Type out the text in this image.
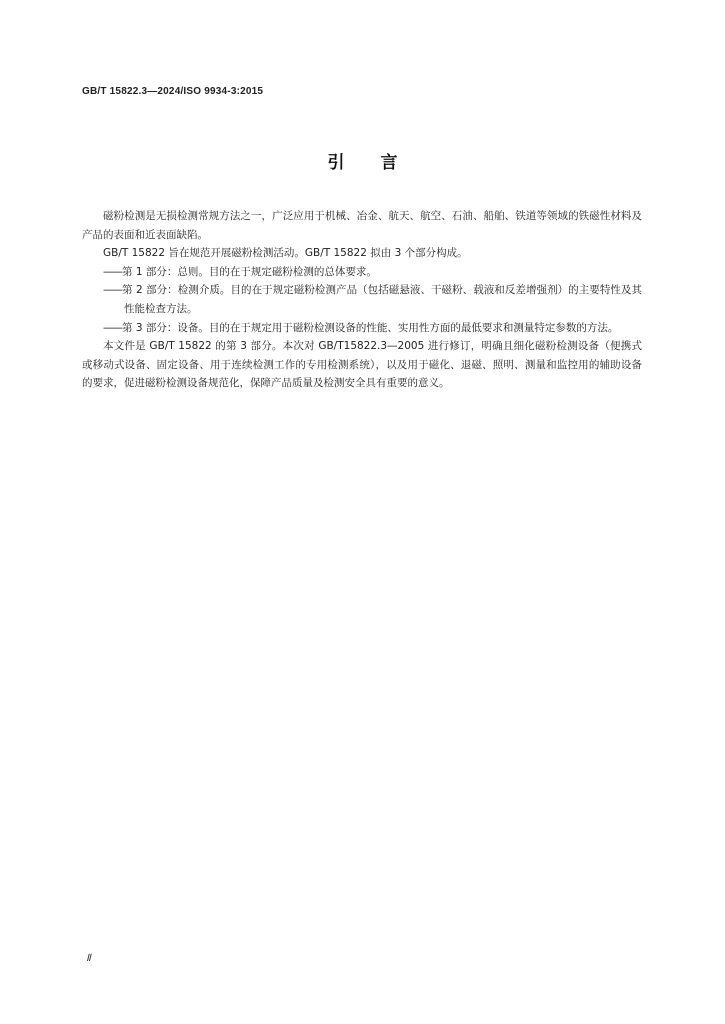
GB/T 15822.3—2024/ISO 9934-3:2015
引言

磁粉检测是无损检测常规方法之一，广泛应用于机械、冶金、航天、航空、石油、船舶、铁道等领域的铁磁性材料及产品的表面和近表面缺陷。

GB/T 15822 旨在规范开展磁粉检测活动。GB/T 15822 拟由 3 个部分构成。

——第 1 部分：总则。目的在于规定磁粉检测的总体要求。

——第 2 部分：检测介质。目的在于规定磁粉检测产品（包括磁悬液、干磁粉、载液和反差增强剂）的主要特性及其性能检查方法。

——第 3 部分：设备。目的在于规定用于磁粉检测设备的性能、实用性方面的最低要求和测量特定参数的方法。

本文件是 GB/T 15822 的第 3 部分。本次对 GB/T15822.3—2005 进行修订，明确且细化磁粉检测设备（便携式或移动式设备、固定设备、用于连续检测工作的专用检测系统），以及用于磁化、退磁、照明、测量和监控用的辅助设备的要求，促进磁粉检测设备规范化，保障产品质量及检测安全具有重要的意义。

Ⅱ
